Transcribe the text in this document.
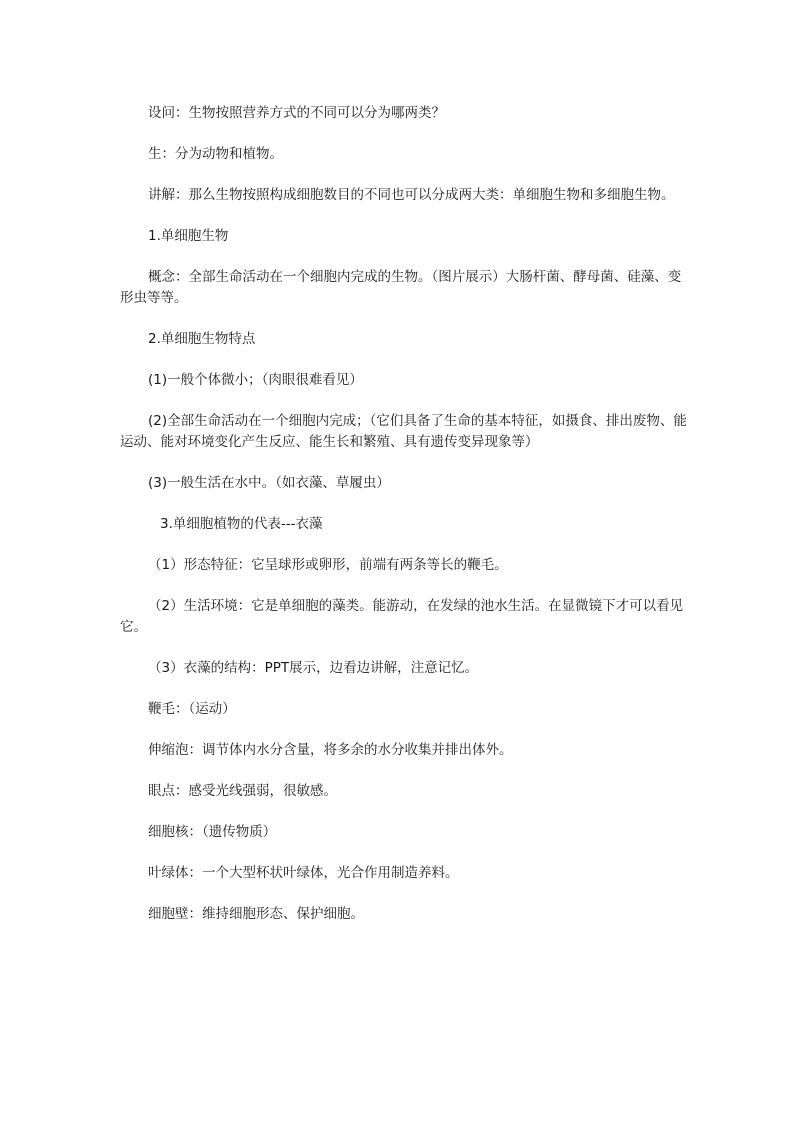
设问：生物按照营养方式的不同可以分为哪两类？

生：分为动物和植物。

讲解：那么生物按照构成细胞数目的不同也可以分成两大类：单细胞生物和多细胞生物。

1.单细胞生物

概念：全部生命活动在一个细胞内完成的生物。（图片展示）大肠杆菌、酵母菌、硅藻、变形虫等等。

2.单细胞生物特点

(1)一般个体微小；（肉眼很难看见）

(2)全部生命活动在一个细胞内完成；（它们具备了生命的基本特征，如摄食、排出废物、能运动、能对环境变化产生反应、能生长和繁殖、具有遗传变异现象等）

(3)一般生活在水中。（如衣藻、草履虫）

3.单细胞植物的代表---衣藻

（1）形态特征：它呈球形或卵形，前端有两条等长的鞭毛。

（2）生活环境：它是单细胞的藻类。能游动，在发绿的池水生活。在显微镜下才可以看见它。

（3）衣藻的结构：PPT展示，边看边讲解，注意记忆。

鞭毛：（运动）

伸缩泡：调节体内水分含量，将多余的水分收集并排出体外。

眼点：感受光线强弱，很敏感。

细胞核：（遗传物质）

叶绿体：一个大型杯状叶绿体，光合作用制造养料。

细胞壁：维持细胞形态、保护细胞。
